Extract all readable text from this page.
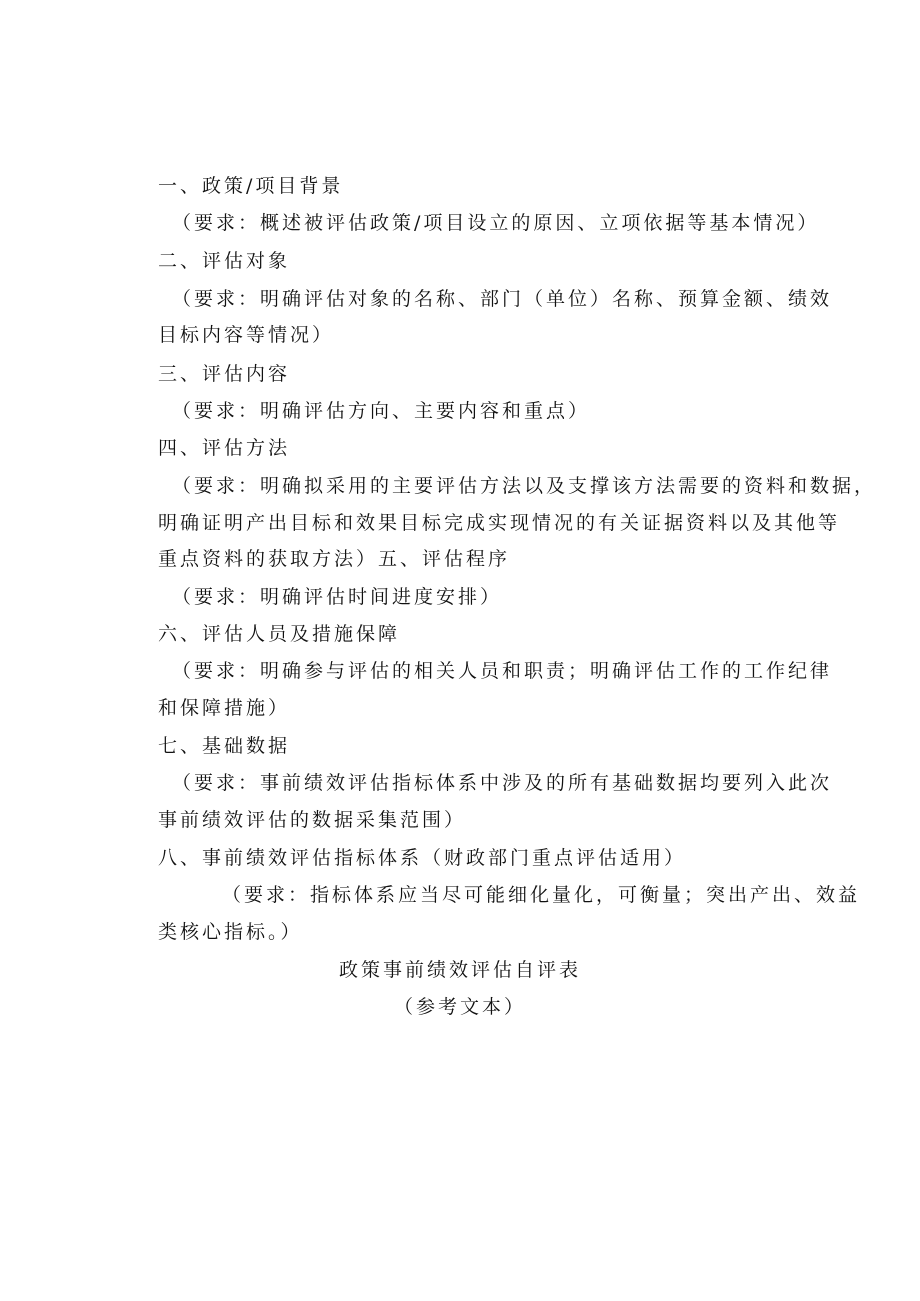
一、政策/项目背景
（要求：概述被评估政策/项目设立的原因、立项依据等基本情况）
二、评估对象
（要求：明确评估对象的名称、部门（单位）名称、预算金额、绩效
目标内容等情况）
三、评估内容
（要求：明确评估方向、主要内容和重点）
四、评估方法
（要求：明确拟采用的主要评估方法以及支撑该方法需要的资料和数据，
明确证明产出目标和效果目标完成实现情况的有关证据资料以及其他等
重点资料的获取方法）五、评估程序
（要求：明确评估时间进度安排）
六、评估人员及措施保障
（要求：明确参与评估的相关人员和职责；明确评估工作的工作纪律
和保障措施）
七、基础数据
（要求：事前绩效评估指标体系中涉及的所有基础数据均要列入此次
事前绩效评估的数据采集范围）
八、事前绩效评估指标体系（财政部门重点评估适用）
（要求：指标体系应当尽可能细化量化，可衡量；突出产出、效益
类核心指标。）
政策事前绩效评估自评表
（参考文本）
